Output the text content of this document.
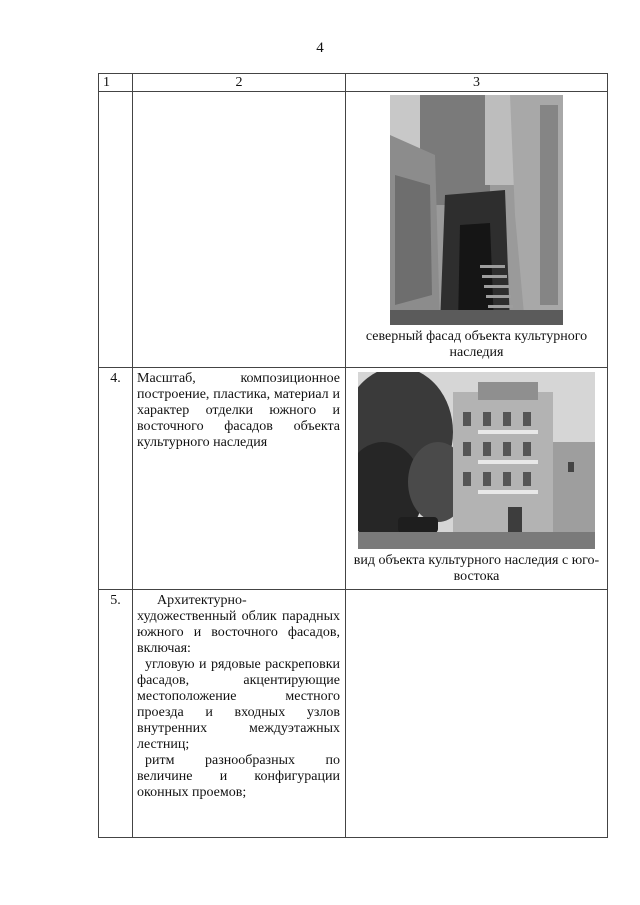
4
1	2	3

		северный фасад объекта культурного наследия

4.	Масштаб, композиционное построение, пластика, материал и характер отделки южного и восточного фасадов объекта культурного наследия	вид объекта культурного наследия с юго-востока

5.	Архитектурно-художественный облик парадных южного и восточного фасадов, включая:

угловую и рядовые раскреповки фасадов, акцентирующие местоположение местного проезда и входных узлов внутренних междуэтажных лестниц;

ритм разнообразных по величине и конфигурации оконных проемов;	
